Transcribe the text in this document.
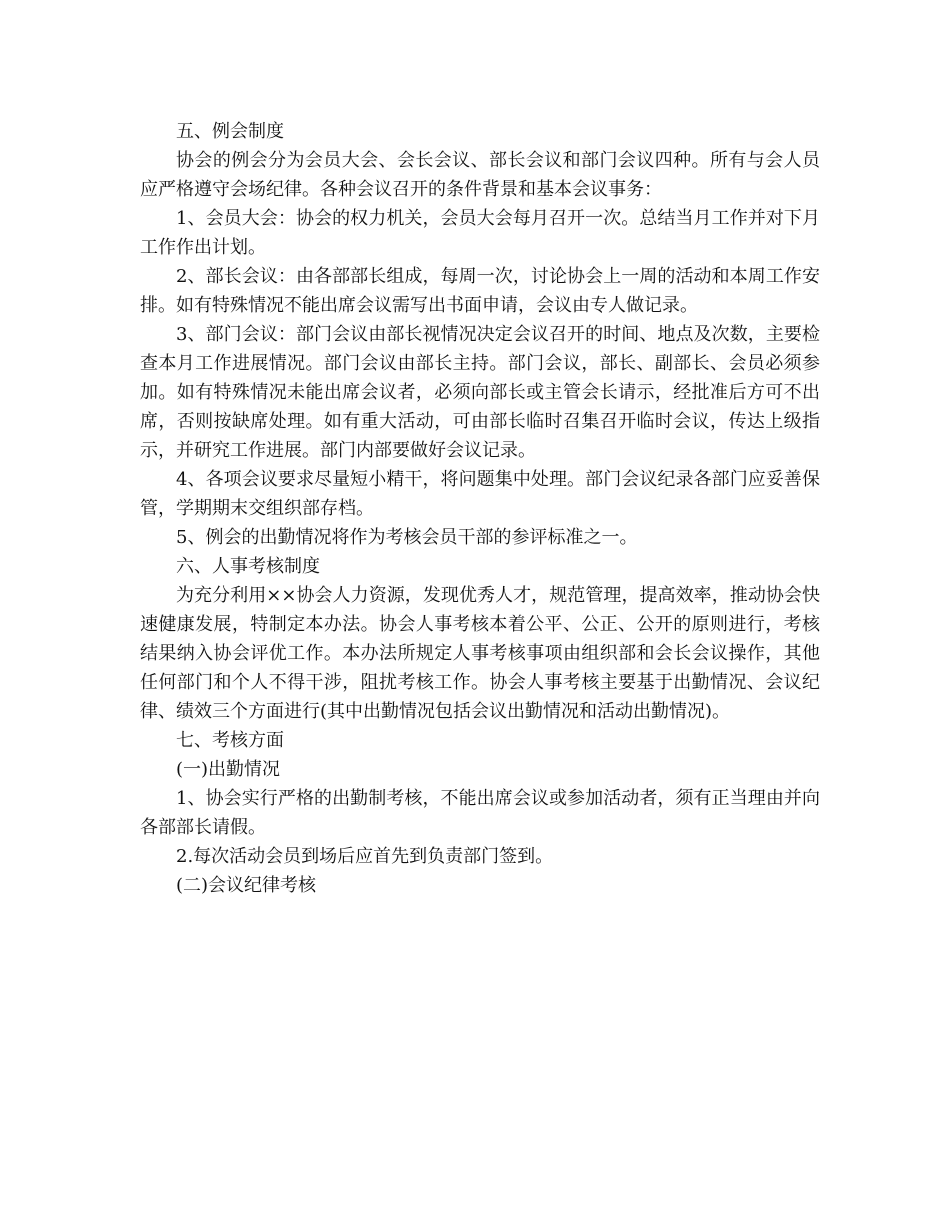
五、例会制度

协会的例会分为会员大会、会长会议、部长会议和部门会议四种。所有与会人员应严格遵守会场纪律。各种会议召开的条件背景和基本会议事务：

1、会员大会：协会的权力机关，会员大会每月召开一次。总结当月工作并对下月工作作出计划。

2、部长会议：由各部部长组成，每周一次，讨论协会上一周的活动和本周工作安排。如有特殊情况不能出席会议需写出书面申请，会议由专人做记录。

3、部门会议：部门会议由部长视情况决定会议召开的时间、地点及次数，主要检查本月工作进展情况。部门会议由部长主持。部门会议，部长、副部长、会员必须参加。如有特殊情况未能出席会议者，必须向部长或主管会长请示，经批准后方可不出席，否则按缺席处理。如有重大活动，可由部长临时召集召开临时会议，传达上级指示，并研究工作进展。部门内部要做好会议记录。

4、各项会议要求尽量短小精干，将问题集中处理。部门会议纪录各部门应妥善保管，学期期末交组织部存档。

5、例会的出勤情况将作为考核会员干部的参评标准之一。

六、人事考核制度

为充分利用××协会人力资源，发现优秀人才，规范管理，提高效率，推动协会快速健康发展，特制定本办法。协会人事考核本着公平、公正、公开的原则进行，考核结果纳入协会评优工作。本办法所规定人事考核事项由组织部和会长会议操作，其他任何部门和个人不得干涉，阻扰考核工作。协会人事考核主要基于出勤情况、会议纪律、绩效三个方面进行(其中出勤情况包括会议出勤情况和活动出勤情况)。

七、考核方面

(一)出勤情况

1、协会实行严格的出勤制考核，不能出席会议或参加活动者，须有正当理由并向各部部长请假。

2.每次活动会员到场后应首先到负责部门签到。

(二)会议纪律考核
